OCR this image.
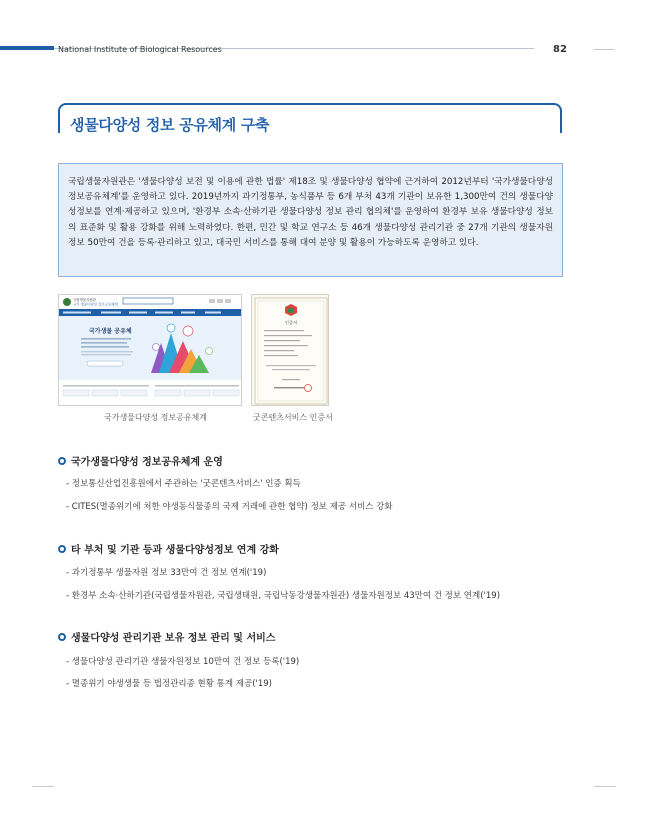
National Institute of Biological Resources	82
생물다양성 정보 공유체계 구축

국립생물자원관은 '생물다양성 보전 및 이용에 관한 법률' 제18조 및 생물다양성 협약에 근거하여 2012년부터 '국가생물다양성 정보공유체계'를 운영하고 있다. 2019년까지 과기정통부, 농식품부 등 6개 부처 43개 기관이 보유한 1,300만여 건의 생물다양성정보를 연계·제공하고 있으며, '환경부 소속·산하기관 생물다양성 정보 관리 협의체'를 운영하여 환경부 보유 생물다양성 정보의 표준화 및 활용 강화를 위해 노력하였다. 한편, 민간 및 학교 연구소 등 46개 생물다양성 관리기관 중 27개 기관의 생물자원 정보 50만여 건을 등록·관리하고 있고, 대국민 서비스를 통해 대여 분양 및 활용이 가능하도록 운영하고 있다.

국립생물자원관
국가 생물다양성 정보공유체계
국가생물 공유체
인증서
국가생물다양성 정보공유체계	굿콘텐츠서비스 인증서
국가생물다양성 정보공유체계 운영
- 정보통신산업진흥원에서 주관하는 '굿콘텐츠서비스' 인증 획득
- CITES(멸종위기에 처한 야생동식물종의 국제 거래에 관한 협약) 정보 제공 서비스 강화
타 부처 및 기관 등과 생물다양성정보 연계 강화
- 과기정통부 생물자원 정보 33만여 건 정보 연계('19)
- 환경부 소속·산하기관(국립생물자원관, 국립생태원, 국립낙동강생물자원관) 생물자원정보 43만여 건 정보 연계('19)
생물다양성 관리기관 보유 정보 관리 및 서비스
- 생물다양성 관리기관 생물자원정보 10만여 건 정보 등록('19)
- 멸종위기 야생생물 등 법정관리종 현황 통계 제공('19)
